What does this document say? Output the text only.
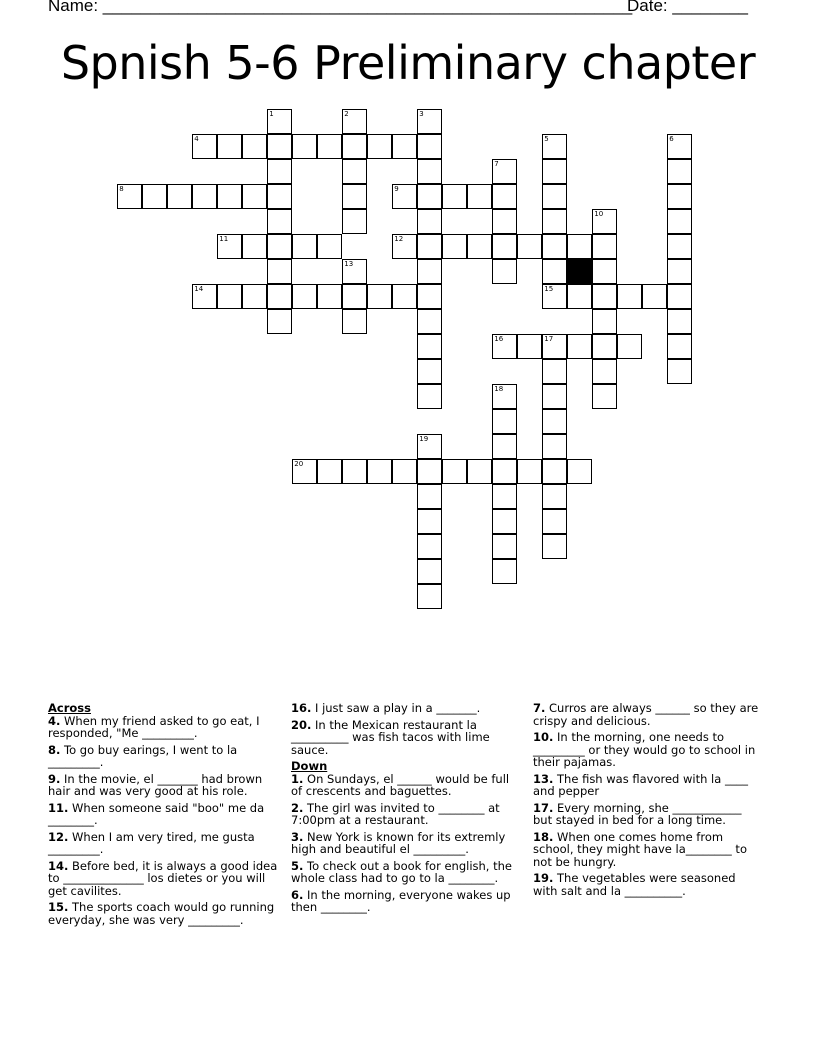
Name: ________________________________________________________
Date: ________
Spnish 5-6 Preliminary chapter
1	2	3
4	5
15
6
7
8	9
10
11	12
13
14
16	17
18
19
20
Across
4. When my friend asked to go eat, I responded, "Me _________.
8. To go buy earings, I went to la _________.
9. In the movie, el _______ had brown hair and was very good at his role.
11. When someone said "boo" me da ________.
12. When I am very tired, me gusta _________.
14. Before bed, it is always a good idea to ______________ los dietes or you will get cavilites.
15. The sports coach would go running everyday, she was very _________.
16. I just saw a play in a _______.
20. In the Mexican restaurant la __________ was fish tacos with lime sauce.
Down
1. On Sundays, el ______ would be full of crescents and baguettes.
2. The girl was invited to ________ at 7:00pm at a restaurant.
3. New York is known for its extremly high and beautiful el _________.
5. To check out a book for english, the whole class had to go to la ________.
6. In the morning, everyone wakes up then ________.
7. Curros are always ______ so they are crispy and delicious.
10. In the morning, one needs to _________ or they would go to school in their pajamas.
13. The fish was flavored with la ____ and pepper
17. Every morning, she ____________ but stayed in bed for a long time.
18. When one comes home from school, they might have la________ to not be hungry.
19. The vegetables were seasoned with salt and la __________.
